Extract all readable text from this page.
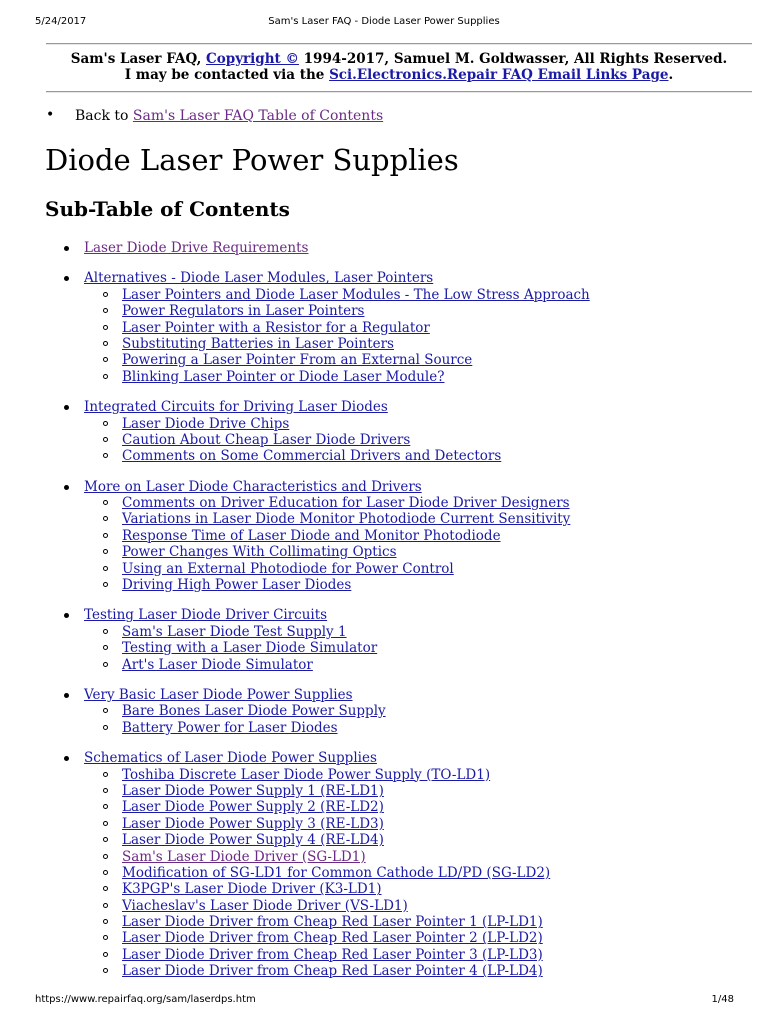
5/24/2017	Sam's Laser FAQ - Diode Laser Power Supplies
Sam's Laser FAQ, Copyright © 1994-2017, Samuel M. Goldwasser, All Rights Reserved.
I may be contacted via the Sci.Electronics.Repair FAQ Email Links Page.
• Back to Sam's Laser FAQ Table of Contents
Diode Laser Power Supplies
Sub-Table of Contents
Laser Diode Drive Requirements
Alternatives - Diode Laser Modules, Laser Pointers
Laser Pointers and Diode Laser Modules - The Low Stress Approach
Power Regulators in Laser Pointers
Laser Pointer with a Resistor for a Regulator
Substituting Batteries in Laser Pointers
Powering a Laser Pointer From an External Source
Blinking Laser Pointer or Diode Laser Module?
Integrated Circuits for Driving Laser Diodes
Laser Diode Drive Chips
Caution About Cheap Laser Diode Drivers
Comments on Some Commercial Drivers and Detectors
More on Laser Diode Characteristics and Drivers
Comments on Driver Education for Laser Diode Driver Designers
Variations in Laser Diode Monitor Photodiode Current Sensitivity
Response Time of Laser Diode and Monitor Photodiode
Power Changes With Collimating Optics
Using an External Photodiode for Power Control
Driving High Power Laser Diodes
Testing Laser Diode Driver Circuits
Sam's Laser Diode Test Supply 1
Testing with a Laser Diode Simulator
Art's Laser Diode Simulator
Very Basic Laser Diode Power Supplies
Bare Bones Laser Diode Power Supply
Battery Power for Laser Diodes
Schematics of Laser Diode Power Supplies
Toshiba Discrete Laser Diode Power Supply (TO-LD1)
Laser Diode Power Supply 1 (RE-LD1)
Laser Diode Power Supply 2 (RE-LD2)
Laser Diode Power Supply 3 (RE-LD3)
Laser Diode Power Supply 4 (RE-LD4)
Sam's Laser Diode Driver (SG-LD1)
Modification of SG-LD1 for Common Cathode LD/PD (SG-LD2)
K3PGP's Laser Diode Driver (K3-LD1)
Viacheslav's Laser Diode Driver (VS-LD1)
Laser Diode Driver from Cheap Red Laser Pointer 1 (LP-LD1)
Laser Diode Driver from Cheap Red Laser Pointer 2 (LP-LD2)
Laser Diode Driver from Cheap Red Laser Pointer 3 (LP-LD3)
Laser Diode Driver from Cheap Red Laser Pointer 4 (LP-LD4)
https://www.repairfaq.org/sam/laserdps.htm	1/48
